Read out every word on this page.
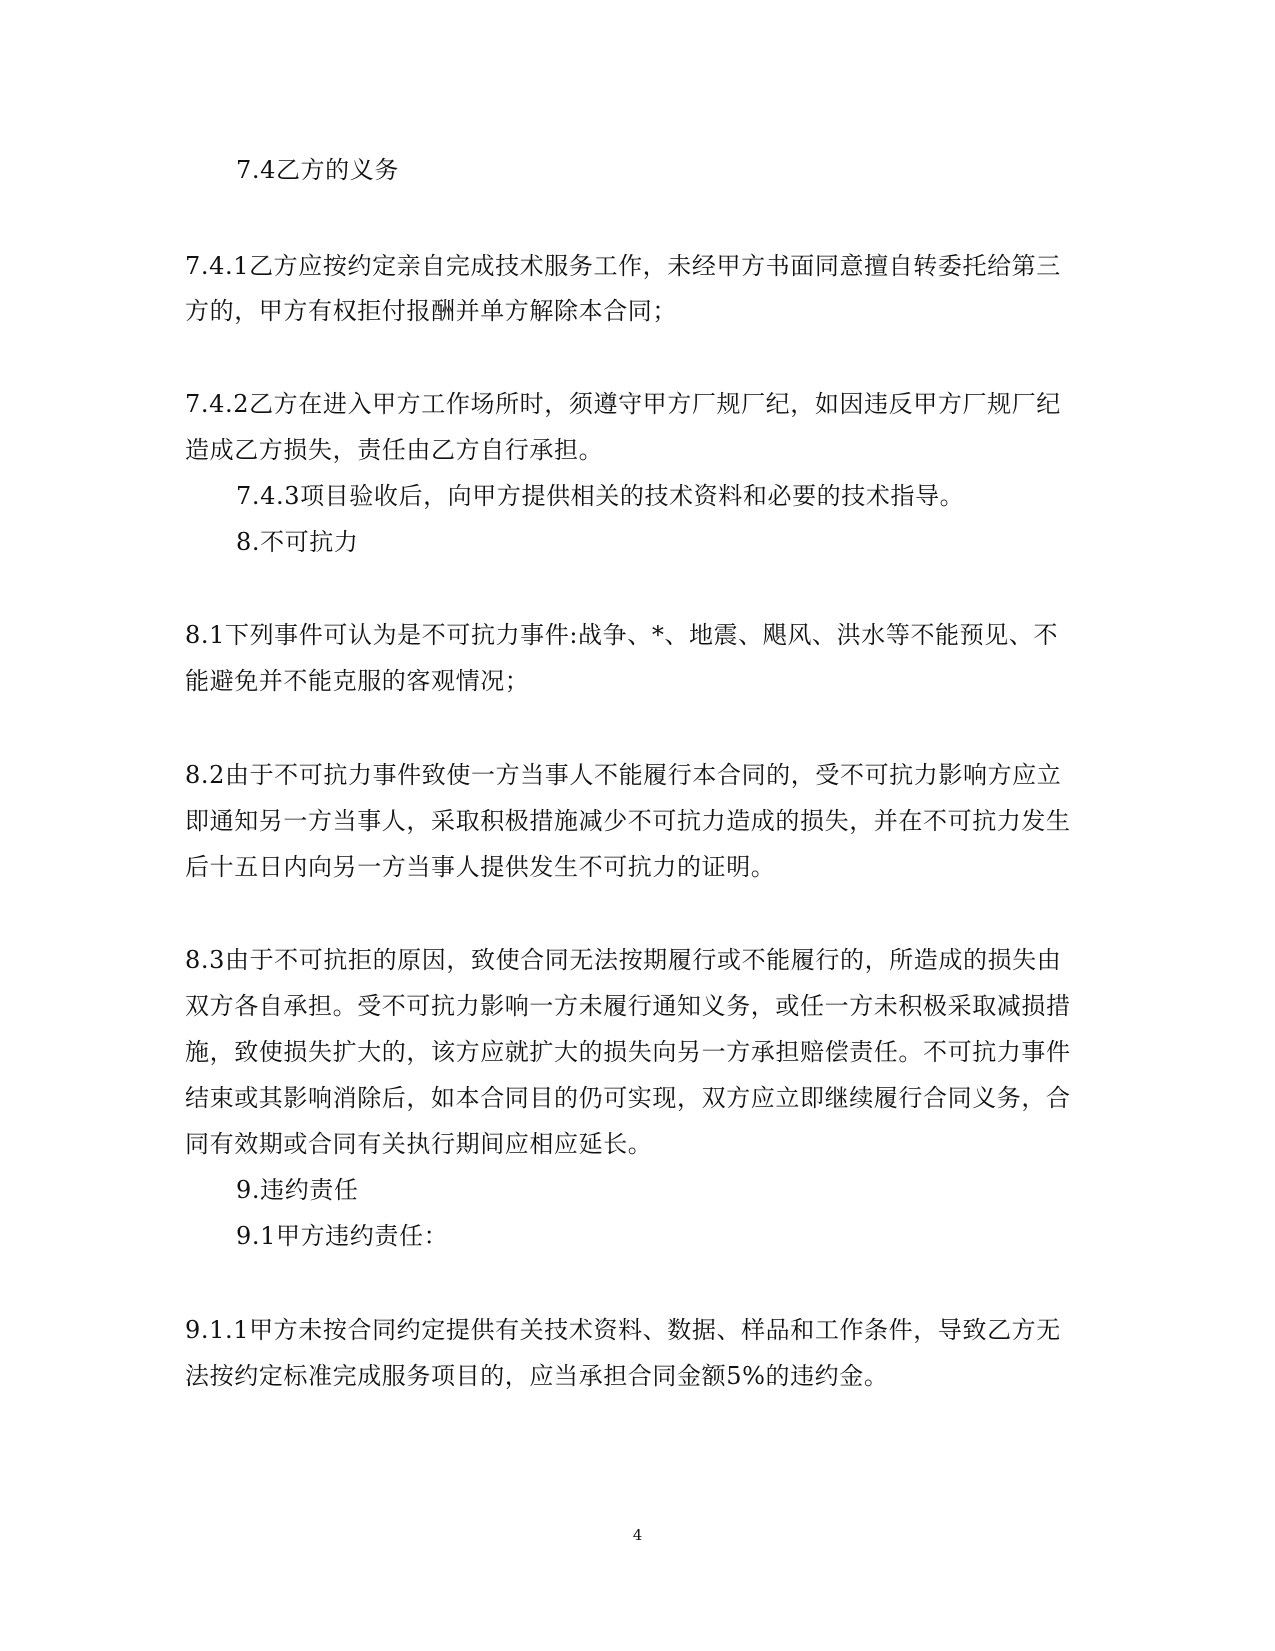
7.4乙方的义务
7.4.1乙方应按约定亲自完成技术服务工作，未经甲方书面同意擅自转委托给第三
方的，甲方有权拒付报酬并单方解除本合同；
7.4.2乙方在进入甲方工作场所时，须遵守甲方厂规厂纪，如因违反甲方厂规厂纪
造成乙方损失，责任由乙方自行承担。
7.4.3项目验收后，向甲方提供相关的技术资料和必要的技术指导。
8.不可抗力
8.1下列事件可认为是不可抗力事件:战争、*、地震、飓风、洪水等不能预见、不
能避免并不能克服的客观情况；
8.2由于不可抗力事件致使一方当事人不能履行本合同的，受不可抗力影响方应立
即通知另一方当事人，采取积极措施减少不可抗力造成的损失，并在不可抗力发生
后十五日内向另一方当事人提供发生不可抗力的证明。
8.3由于不可抗拒的原因，致使合同无法按期履行或不能履行的，所造成的损失由
双方各自承担。受不可抗力影响一方未履行通知义务，或任一方未积极采取减损措
施，致使损失扩大的，该方应就扩大的损失向另一方承担赔偿责任。不可抗力事件
结束或其影响消除后，如本合同目的仍可实现，双方应立即继续履行合同义务，合
同有效期或合同有关执行期间应相应延长。
9.违约责任
9.1甲方违约责任：
9.1.1甲方未按合同约定提供有关技术资料、数据、样品和工作条件，导致乙方无
法按约定标准完成服务项目的，应当承担合同金额5%的违约金。
4
